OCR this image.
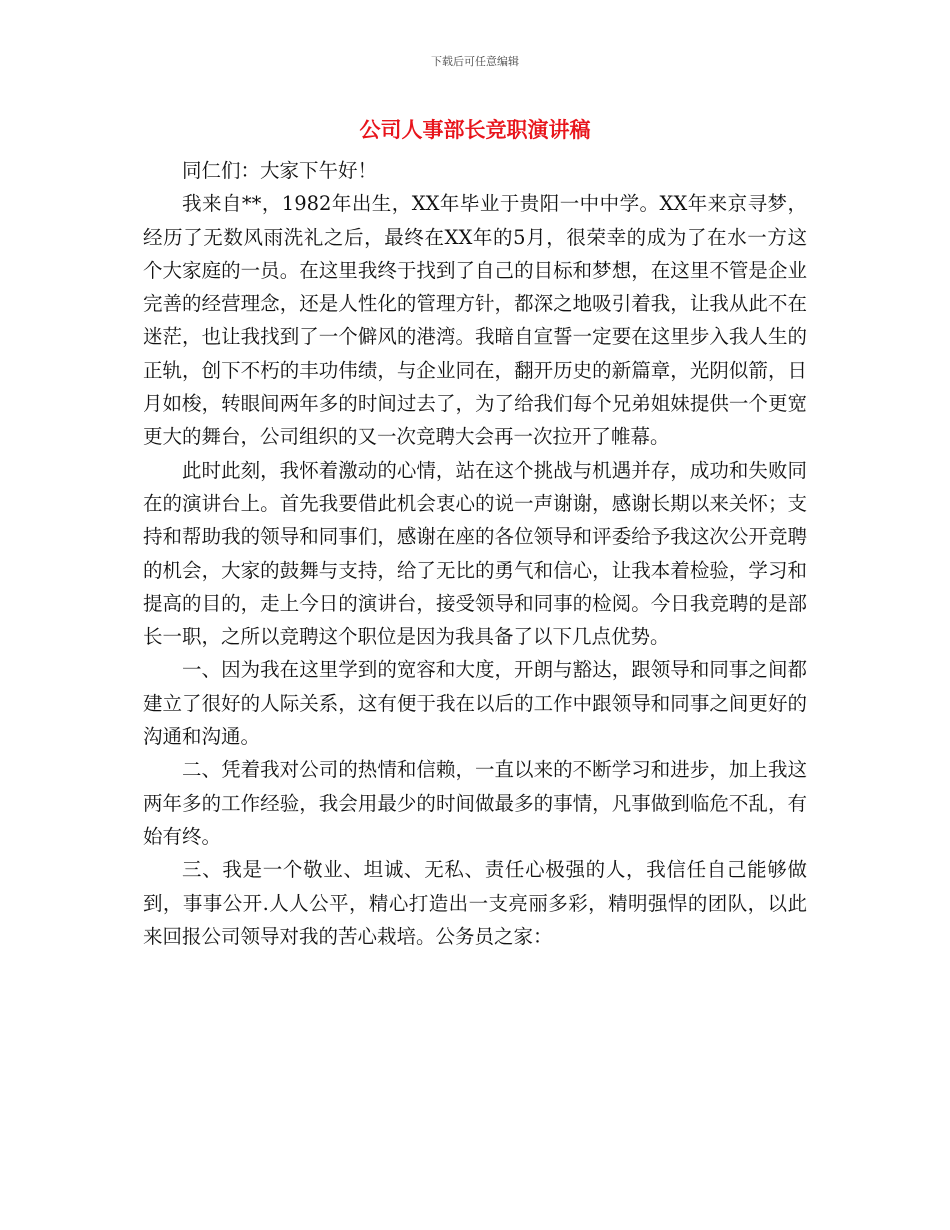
下载后可任意编辑
公司人事部长竞职演讲稿

同仁们：大家下午好！

我来自**，1982年出生，XX年毕业于贵阳一中中学。XX年来京寻梦，经历了无数风雨洗礼之后，最终在XX年的5月，很荣幸的成为了在水一方这个大家庭的一员。在这里我终于找到了自己的目标和梦想，在这里不管是企业完善的经营理念，还是人性化的管理方针，都深之地吸引着我，让我从此不在迷茫，也让我找到了一个僻风的港湾。我暗自宣誓一定要在这里步入我人生的正轨，创下不朽的丰功伟绩，与企业同在，翻开历史的新篇章，光阴似箭，日月如梭，转眼间两年多的时间过去了，为了给我们每个兄弟姐妹提供一个更宽更大的舞台，公司组织的又一次竞聘大会再一次拉开了帷幕。

此时此刻，我怀着激动的心情，站在这个挑战与机遇并存，成功和失败同在的演讲台上。首先我要借此机会衷心的说一声谢谢，感谢长期以来关怀；支持和帮助我的领导和同事们，感谢在座的各位领导和评委给予我这次公开竞聘的机会，大家的鼓舞与支持，给了无比的勇气和信心，让我本着检验，学习和提高的目的，走上今日的演讲台，接受领导和同事的检阅。今日我竞聘的是部长一职，之所以竞聘这个职位是因为我具备了以下几点优势。

一、因为我在这里学到的宽容和大度，开朗与豁达，跟领导和同事之间都建立了很好的人际关系，这有便于我在以后的工作中跟领导和同事之间更好的沟通和沟通。

二、凭着我对公司的热情和信赖，一直以来的不断学习和进步，加上我这两年多的工作经验，我会用最少的时间做最多的事情，凡事做到临危不乱，有始有终。

三、我是一个敬业、坦诚、无私、责任心极强的人，我信任自己能够做到，事事公开.人人公平，精心打造出一支亮丽多彩，精明强悍的团队，以此来回报公司领导对我的苦心栽培。公务员之家：
